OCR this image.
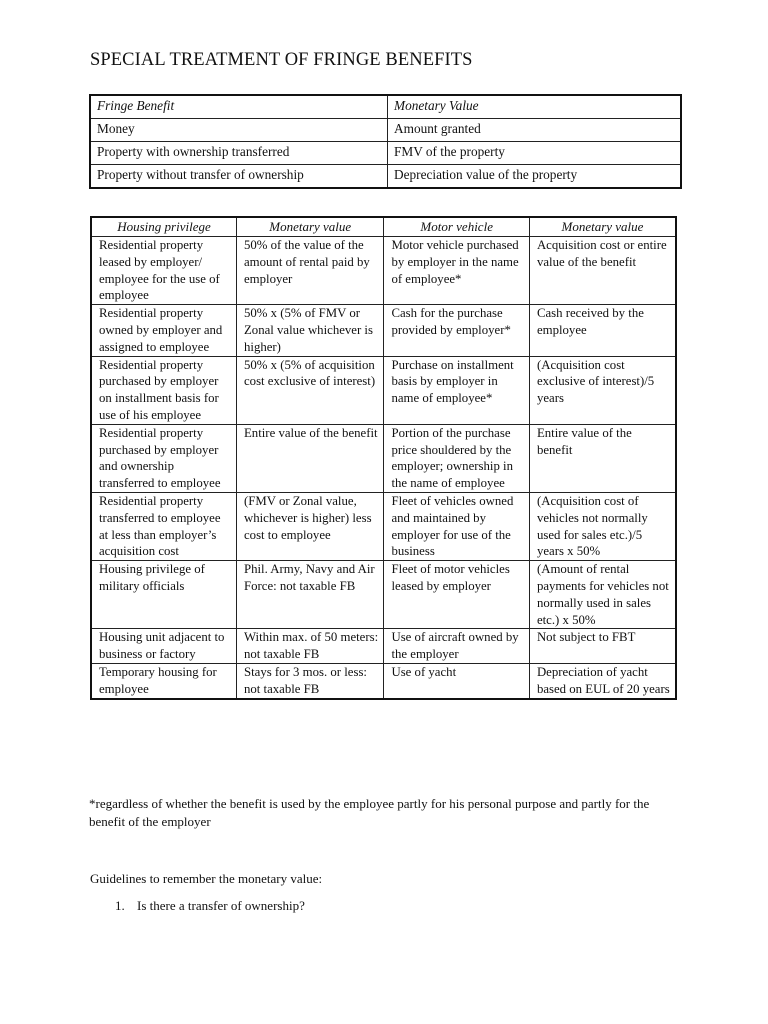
SPECIAL TREATMENT OF FRINGE BENEFITS
Fringe Benefit	Monetary Value
Money	Amount granted
Property with ownership transferred	FMV of the property
Property without transfer of ownership	Depreciation value of the property
Housing privilege	Monetary value	Motor vehicle	Monetary value
Residential property leased by employer/ employee for the use of employee	50% of the value of the amount of rental paid by employer	Motor vehicle purchased by employer in the name of employee*	Acquisition cost or entire value of the benefit
Residential property owned by employer and assigned to employee	50% x (5% of FMV or Zonal value whichever is higher)	Cash for the purchase provided by employer*	Cash received by the employee
Residential property purchased by employer on installment basis for use of his employee	50% x (5% of acquisition cost exclusive of interest)	Purchase on installment basis by employer in name of employee*	(Acquisition cost exclusive of interest)/5 years
Residential property purchased by employer and ownership transferred to employee	Entire value of the benefit	Portion of the purchase price shouldered by the employer; ownership in the name of employee	Entire value of the benefit
Residential property transferred to employee at less than employer’s acquisition cost	(FMV or Zonal value, whichever is higher) less cost to employee	Fleet of vehicles owned and maintained by employer for use of the business	(Acquisition cost of vehicles not normally used for sales etc.)/5 years x 50%
Housing privilege of military officials	Phil. Army, Navy and Air Force: not taxable FB	Fleet of motor vehicles leased by employer	(Amount of rental payments for vehicles not normally used in sales etc.) x 50%
Housing unit adjacent to business or factory	Within max. of 50 meters: not taxable FB	Use of aircraft owned by the employer	Not subject to FBT
Temporary housing for employee	Stays for 3 mos. or less: not taxable FB	Use of yacht	Depreciation of yacht based on EUL of 20 years
*regardless of whether the benefit is used by the employee partly for his personal purpose and partly for the benefit of the employer
Guidelines to remember the monetary value:
1. Is there a transfer of ownership?
